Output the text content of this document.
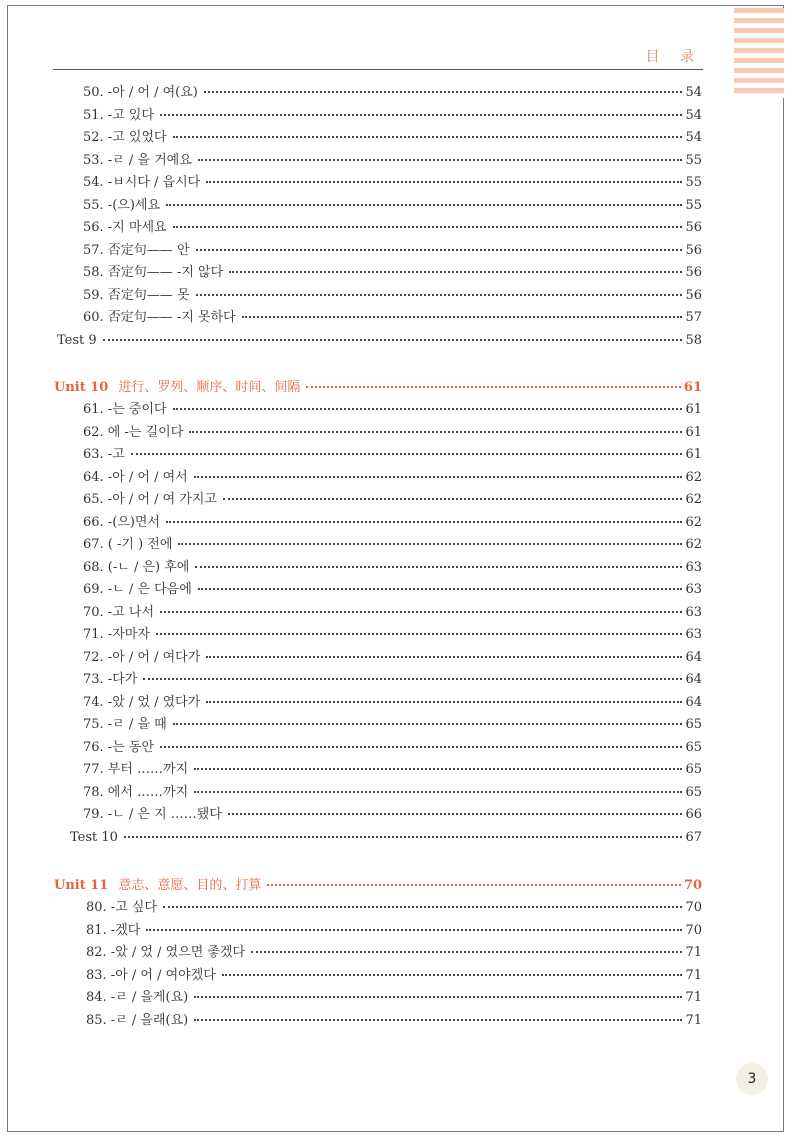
目 录
50. -아 / 어 / 여(요)	54
51. -고 있다	54
52. -고 있었다	54
53. -ㄹ / 을 거예요	55
54. -ㅂ시다 / 읍시다	55
55. -(으)세요	55
56. -지 마세요	56
57. 否定句—— 안	56
58. 否定句—— -지 않다	56
59. 否定句—— 못	56
60. 否定句—— -지 못하다	57
Test 9	58
Unit 10 进行、罗列、顺序、时间、间隔	61
61. -는 중이다	61
62. 에 -는 길이다	61
63. -고	61
64. -아 / 어 / 여서	62
65. -아 / 어 / 여 가지고	62
66. -(으)면서	62
67. ( -기 ) 전에	62
68. (-ㄴ / 은) 후에	63
69. -ㄴ / 은 다음에	63
70. -고 나서	63
71. -자마자	63
72. -아 / 어 / 여다가	64
73. -다가	64
74. -았 / 었 / 였다가	64
75. -ㄹ / 을 때	65
76. -는 동안	65
77. 부터 ……까지	65
78. 에서 ……까지	65
79. -ㄴ / 은 지 ……됐다	66
Test 10	67
Unit 11 意志、意愿、目的、打算	70
80. -고 싶다	70
81. -겠다	70
82. -았 / 었 / 였으면 좋겠다	71
83. -아 / 어 / 여야겠다	71
84. -ㄹ / 을게(요)	71
85. -ㄹ / 을래(요)	71
3
